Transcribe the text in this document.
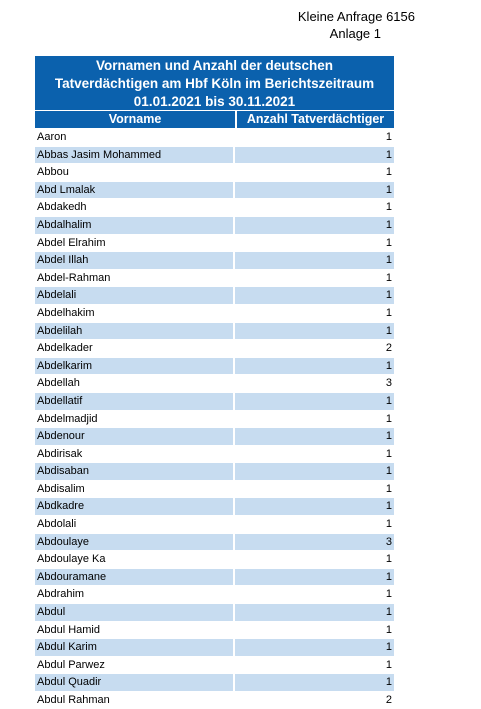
Kleine Anfrage 6156
Anlage 1
Vornamen und Anzahl der deutschen
Tatverdächtigen am Hbf Köln im Berichtszeitraum
01.01.2021 bis 30.11.2021
Vorname	Anzahl Tatverdächtiger
Aaron	1
Abbas Jasim Mohammed	1
Abbou	1
Abd Lmalak	1
Abdakedh	1
Abdalhalim	1
Abdel Elrahim	1
Abdel Illah	1
Abdel-Rahman	1
Abdelali	1
Abdelhakim	1
Abdelilah	1
Abdelkader	2
Abdelkarim	1
Abdellah	3
Abdellatif	1
Abdelmadjid	1
Abdenour	1
Abdirisak	1
Abdisaban	1
Abdisalim	1
Abdkadre	1
Abdolali	1
Abdoulaye	3
Abdoulaye Ka	1
Abdouramane	1
Abdrahim	1
Abdul	1
Abdul Hamid	1
Abdul Karim	1
Abdul Parwez	1
Abdul Quadir	1
Abdul Rahman	2
